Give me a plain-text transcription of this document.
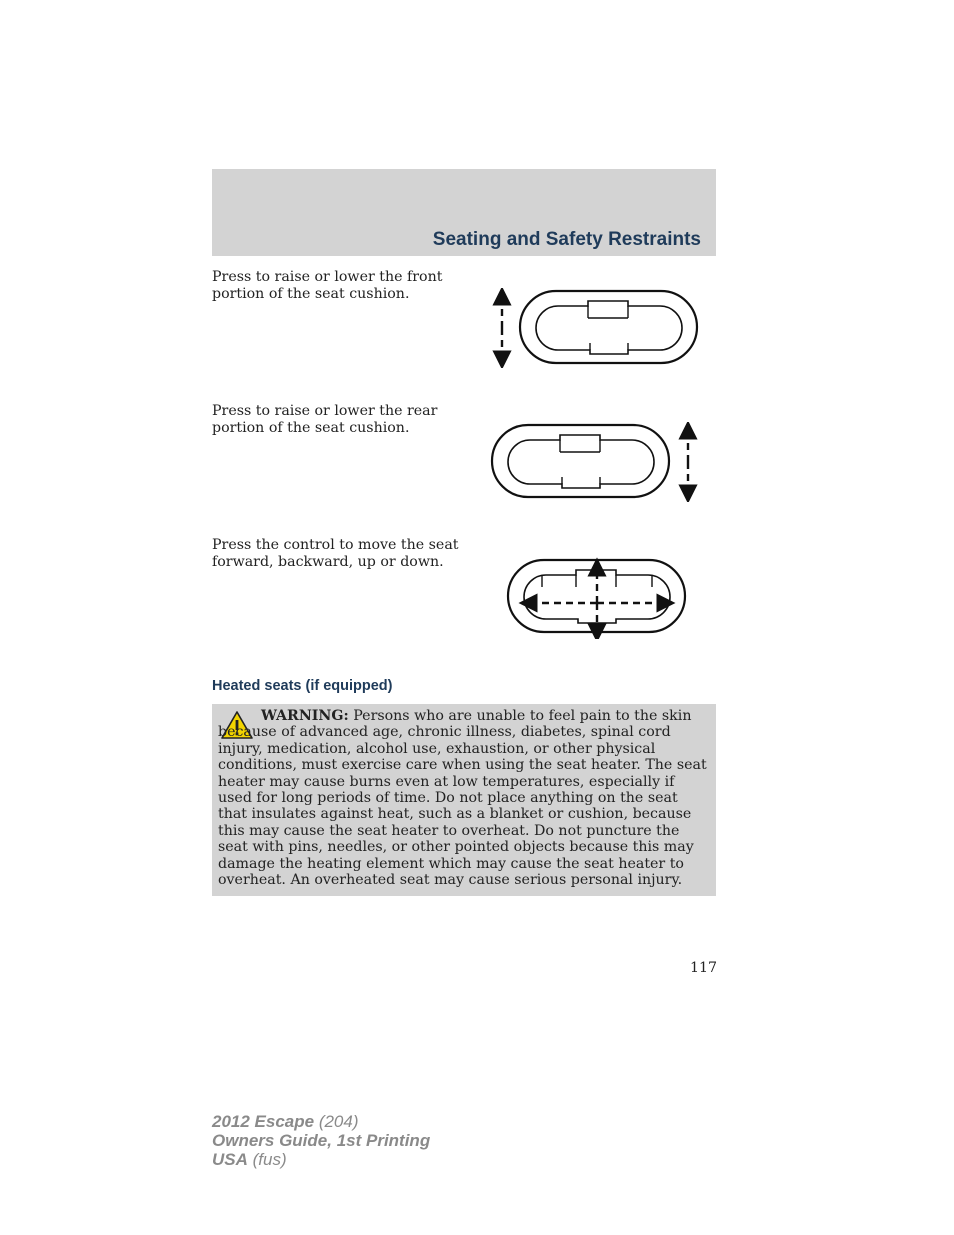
Seating and Safety Restraints
Press to raise or lower the front portion of the seat cushion.
Press to raise or lower the rear portion of the seat cushion.
Press the control to move the seat forward, backward, up or down.
Heated seats (if equipped)
WARNING: Persons who are unable to feel pain to the skin because of advanced age, chronic illness, diabetes, spinal cord injury, medication, alcohol use, exhaustion, or other physical conditions, must exercise care when using the seat heater. The seat heater may cause burns even at low temperatures, especially if used for long periods of time. Do not place anything on the seat that insulates against heat, such as a blanket or cushion, because this may cause the seat heater to overheat. Do not puncture the seat with pins, needles, or other pointed objects because this may damage the heating element which may cause the seat heater to overheat. An overheated seat may cause serious personal injury.
117
2012 Escape (204)
Owners Guide, 1st Printing
USA (fus)
